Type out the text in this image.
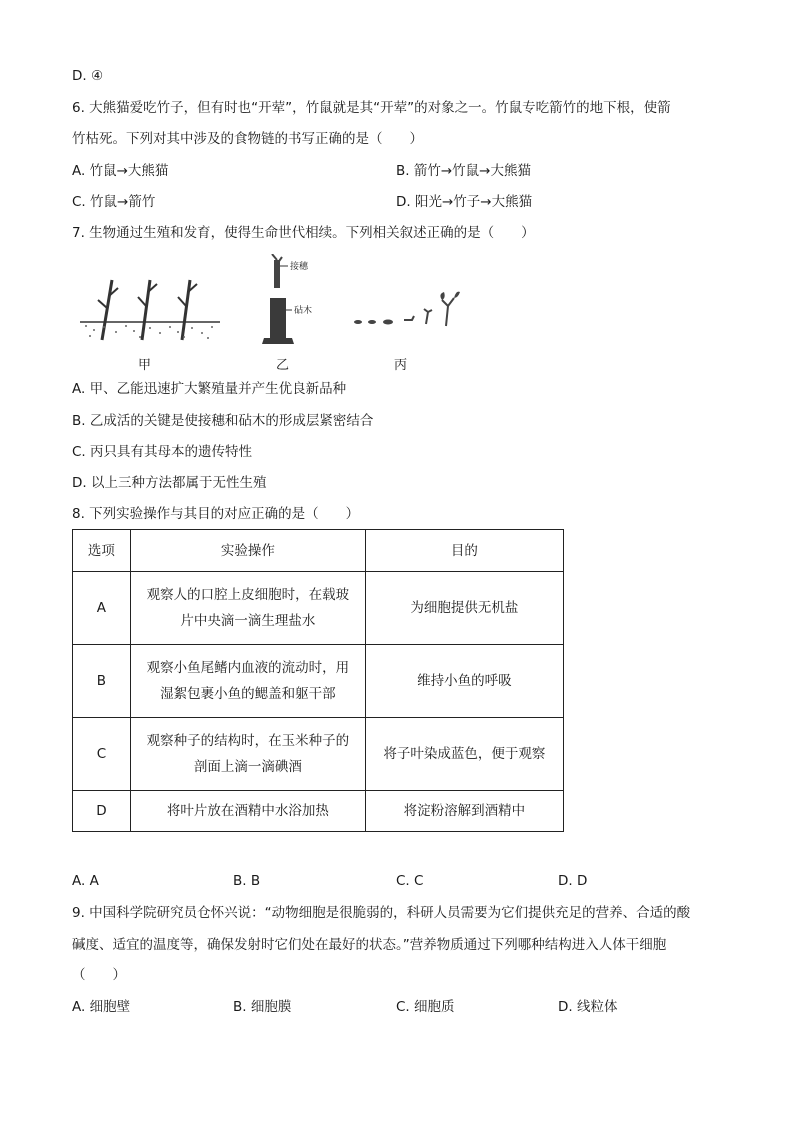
D. ④
6. 大熊猫爱吃竹子，但有时也“开荤”，竹鼠就是其“开荤”的对象之一。竹鼠专吃箭竹的地下根，使箭
竹枯死。下列对其中涉及的食物链的书写正确的是（　　）
A. 竹鼠→大熊猫	B. 箭竹→竹鼠→大熊猫
C. 竹鼠→箭竹	D. 阳光→竹子→大熊猫
7. 生物通过生殖和发育，使得生命世代相续。下列相关叙述正确的是（　　）
甲
接穗
砧木
乙	丙
A. 甲、乙能迅速扩大繁殖量并产生优良新品种
B. 乙成活的关键是使接穗和砧木的形成层紧密结合
C. 丙只具有其母本的遗传特性
D. 以上三种方法都属于无性生殖
8. 下列实验操作与其目的对应正确的是（　　）
选项	实验操作	目的
A	观察人的口腔上皮细胞时，在载玻
片中央滴一滴生理盐水	为细胞提供无机盐
B	观察小鱼尾鳍内血液的流动时，用
湿絮包裹小鱼的鳃盖和躯干部	维持小鱼的呼吸
C	观察种子的结构时，在玉米种子的
剖面上滴一滴碘酒	将子叶染成蓝色，便于观察
D	将叶片放在酒精中水浴加热	将淀粉溶解到酒精中
A. A	B. B	C. C	D. D
9. 中国科学院研究员仓怀兴说：“动物细胞是很脆弱的，科研人员需要为它们提供充足的营养、合适的酸
碱度、适宜的温度等，确保发射时它们处在最好的状态。”营养物质通过下列哪种结构进入人体干细胞
（　　）
A. 细胞壁	B. 细胞膜	C. 细胞质	D. 线粒体
